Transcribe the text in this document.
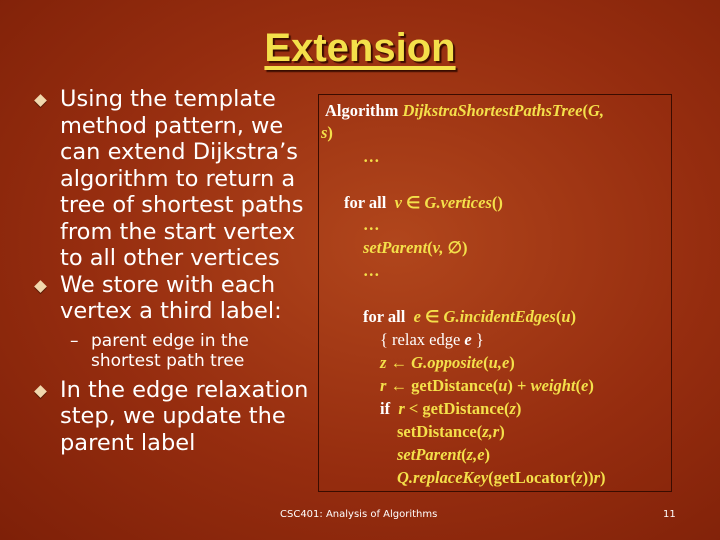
Extension
Using the template method pattern, we can extend Dijkstra’s algorithm to return a tree of shortest paths from the start vertex to all other vertices
We store with each vertex a third label:
– parent edge in the shortest path tree
In the edge relaxation step, we update the parent label
Algorithm DijkstraShortestPathsTree(G,
s)
…
for all v ∈ G.vertices()
…
setParent(v, ∅)
…
for all e ∈ G.incidentEdges(u)
{ relax edge e }
z ← G.opposite(u,e)
r ← getDistance(u) + weight(e)
if r < getDistance(z)
setDistance(z,r)
setParent(z,e)
Q.replaceKey(getLocator(z))r)
CSC401: Analysis of Algorithms	11
